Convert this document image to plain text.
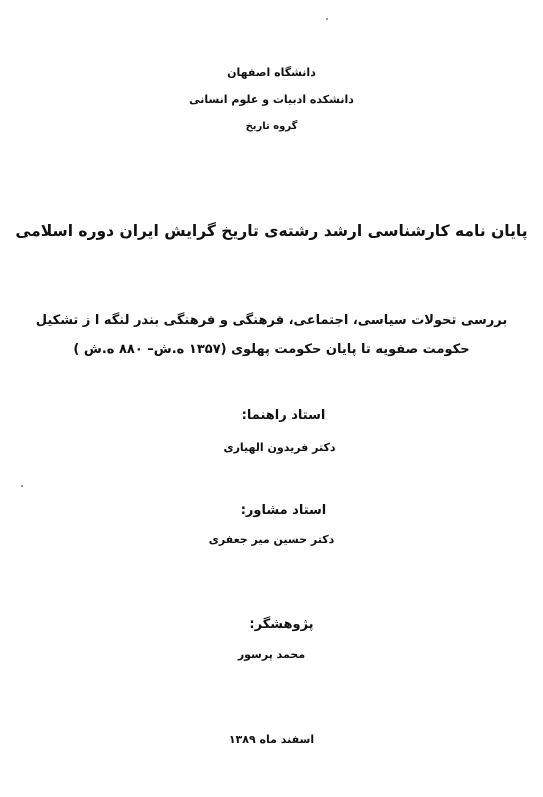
دانشگاه اصفهان
دانشکده ادبیات و علوم انسانی
گروه تاریخ
پایان نامه کارشناسی ارشد رشته‌ی تاریخ گرایش ایران دوره اسلامی
بررسی تحولات سیاسی، اجتماعی، فرهنگی و فرهنگی بندر لنگه ا ز تشکیل
حکومت صفویه تا پایان حکومت پهلوی (۱۳۵۷ ه.ش– ۸۸۰ ه.ش )
استاد راهنما:
دکتر فریدون الهیاری
استاد مشاور:
دکتر حسین میر جعفری
پژوهشگر:
محمد پرسور
اسفند ماه ۱۳۸۹
